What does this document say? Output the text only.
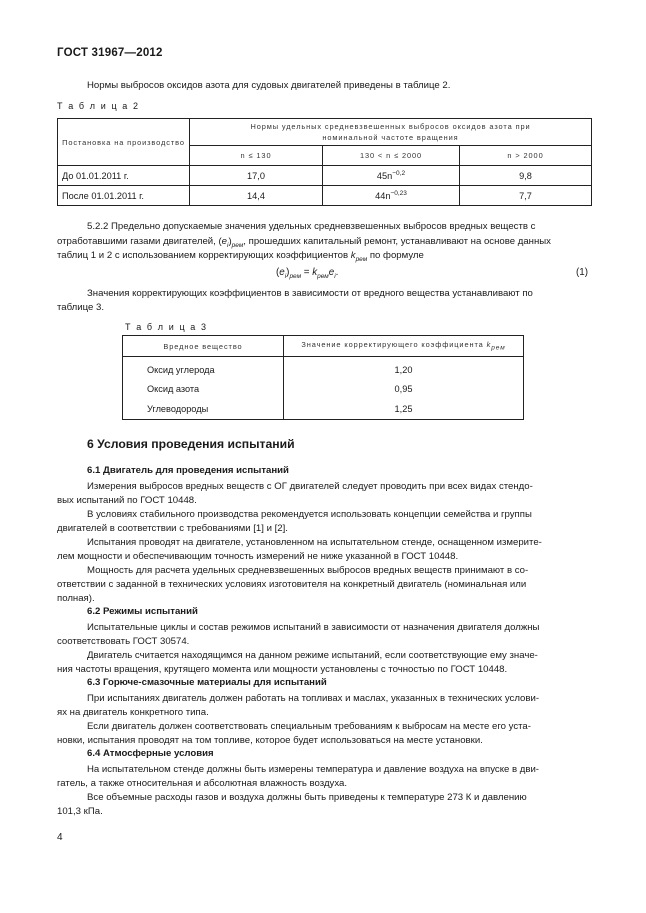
ГОСТ 31967—2012

Нормы выбросов оксидов азота для судовых двигателей приведены в таблице 2.

Т а б л и ц а 2
Постановка на производство	Нормы удельных средневзвешенных выбросов оксидов азота при номинальной частоте вращения		

	n ≤ 130	130 < n ≤ 2000	n > 2000
До 01.01.2011 г.	17,0	$45n^{-0,2}$	9,8
После 01.01.2011 г.	14,4	$44n^{-0,23}$	7,7

5.2.2 Предельно допускаемые значения удельных средневзвешенных выбросов вредных веществ с

отработавшими газами двигателей, $(e_i)_{рем}$, прошедших капитальный ремонт, устанавливают на основе данных

таблиц 1 и 2 с использованием корректирующих коэффициентов $k_{рем}$ по формуле

$(e_i)_{рем} = k_{рем}e_i$.	(1)

Значения корректирующих коэффициентов в зависимости от вредного вещества устанавливают по

таблице 3.

Т а б л и ц а 3
Вредное вещество	Значение корректирующего коэффициента $k_{рем}$

Оксид углерода	1,20
Оксид азота	0,95
Углеводороды	1,25
6 Условия проведения испытаний
6.1 Двигатель для проведения испытаний

Измерения выбросов вредных веществ с ОГ двигателей следует проводить при всех видах стендо-

вых испытаний по ГОСТ 10448.

В условиях стабильного производства рекомендуется использовать концепции семейства и группы

двигателей в соответствии с требованиями [1] и [2].

Испытания проводят на двигателе, установленном на испытательном стенде, оснащенном измерите-

лем мощности и обеспечивающим точность измерений не ниже указанной в ГОСТ 10448.

Мощность для расчета удельных средневзвешенных выбросов вредных веществ принимают в со-

ответствии с заданной в технических условиях изготовителя на конкретный двигатель (номинальная или

полная).

6.2 Режимы испытаний

Испытательные циклы и состав режимов испытаний в зависимости от назначения двигателя должны

соответствовать ГОСТ 30574.

Двигатель считается находящимся на данном режиме испытаний, если соответствующие ему значе-

ния частоты вращения, крутящего момента или мощности установлены с точностью по ГОСТ 10448.

6.3 Горюче-смазочные материалы для испытаний

При испытаниях двигатель должен работать на топливах и маслах, указанных в технических услови-

ях на двигатель конкретного типа.

Если двигатель должен соответствовать специальным требованиям к выбросам на месте его уста-

новки, испытания проводят на том топливе, которое будет использоваться на месте установки.

6.4 Атмосферные условия

На испытательном стенде должны быть измерены температура и давление воздуха на впуске в дви-

гатель, а также относительная и абсолютная влажность воздуха.

Все объемные расходы газов и воздуха должны быть приведены к температуре 273 К и давлению

101,3 кПа.

4
